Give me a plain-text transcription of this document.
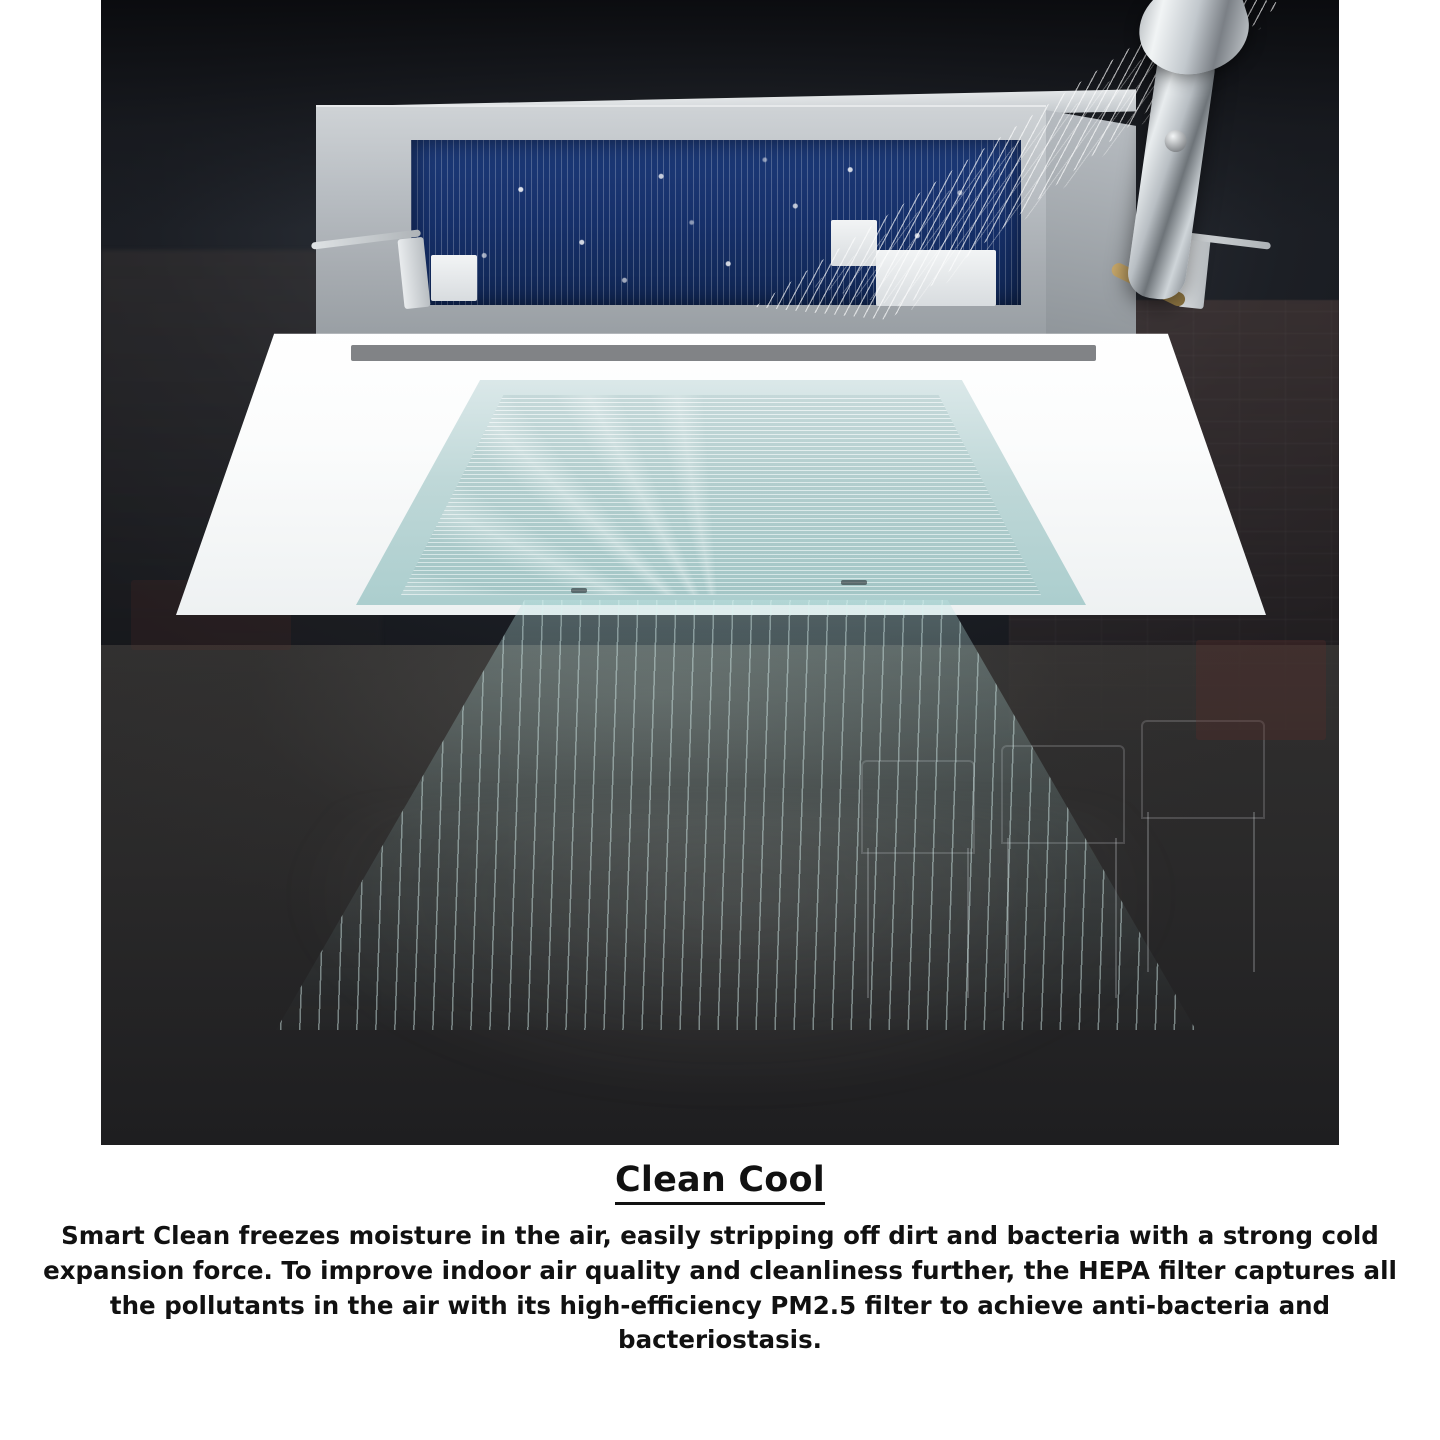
Clean Cool

Smart Clean freezes moisture in the air, easily stripping off dirt and bacteria with a strong cold expansion force. To improve indoor air quality and cleanliness further, the HEPA filter captures all the pollutants in the air with its high-efficiency PM2.5 filter to achieve anti-bacteria and bacteriostasis.
